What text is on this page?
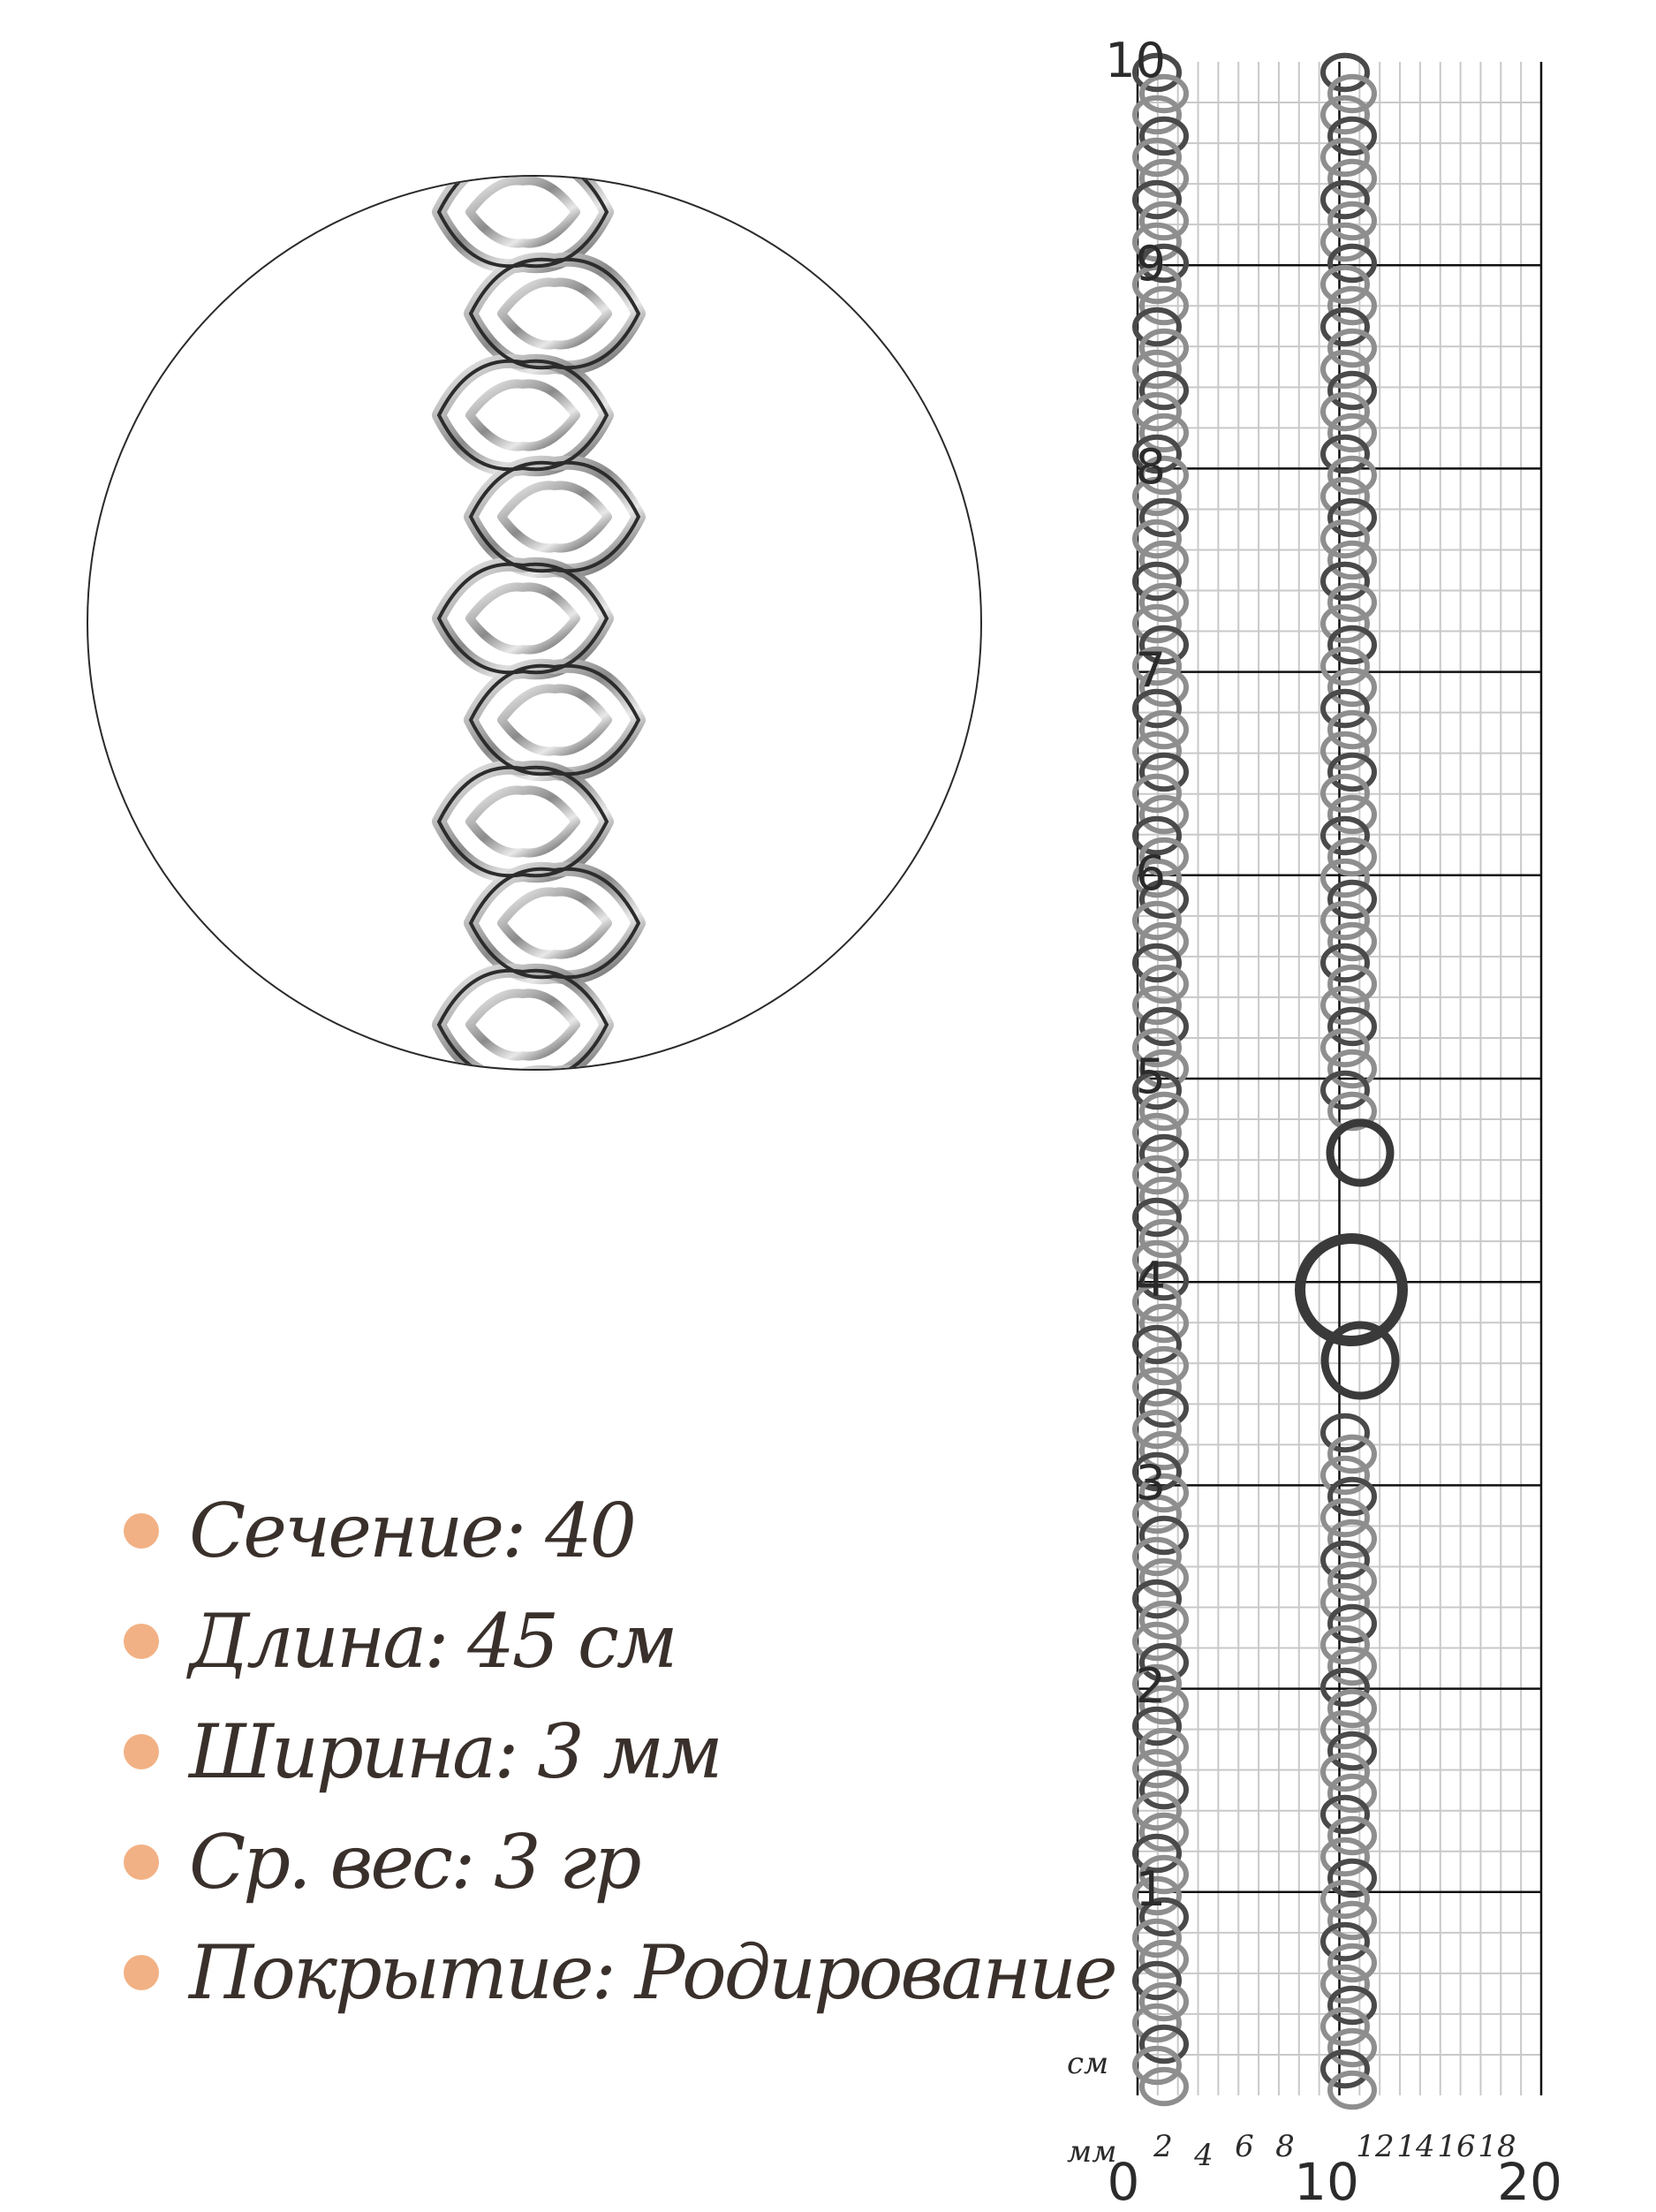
Сечение: 40
Длина: 45 см
Ширина: 3 мм
Ср. вес: 3 гр
Покрытие: Родирование
10
9
8
7
6
5
4
3
2
1
см
мм	2 4 6 8	12 14 16 18
0	10	20
